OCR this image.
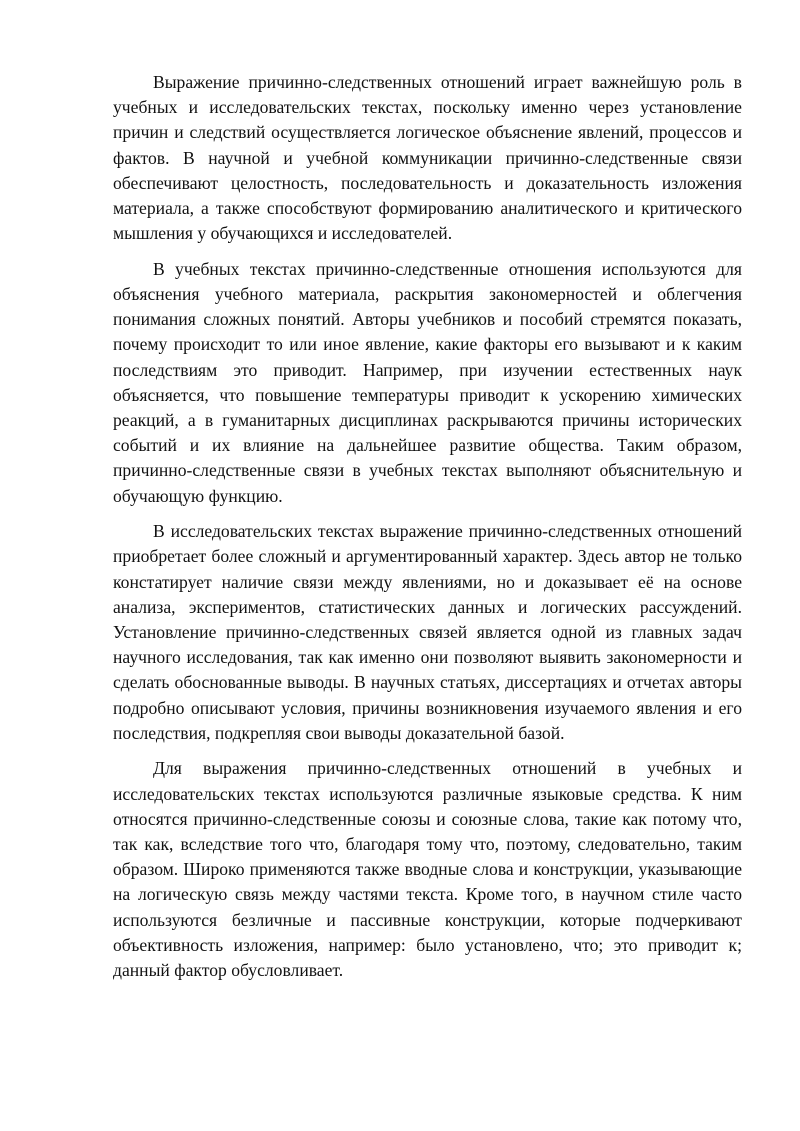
Выражение причинно-следственных отношений играет важнейшую роль в учебных и исследовательских текстах, поскольку именно через установление причин и следствий осуществляется логическое объяснение явлений, процессов и фактов. В научной и учебной коммуникации причинно-следственные связи обеспечивают целостность, последовательность и доказательность изложения материала, а также способствуют формированию аналитического и критического мышления у обучающихся и исследователей.

В учебных текстах причинно-следственные отношения используются для объяснения учебного материала, раскрытия закономерностей и облегчения понимания сложных понятий. Авторы учебников и пособий стремятся показать, почему происходит то или иное явление, какие факторы его вызывают и к каким последствиям это приводит. Например, при изучении естественных наук объясняется, что повышение температуры приводит к ускорению химических реакций, а в гуманитарных дисциплинах раскрываются причины исторических событий и их влияние на дальнейшее развитие общества. Таким образом, причинно-следственные связи в учебных текстах выполняют объяснительную и обучающую функцию.

В исследовательских текстах выражение причинно-следственных отношений приобретает более сложный и аргументированный характер. Здесь автор не только констатирует наличие связи между явлениями, но и доказывает её на основе анализа, экспериментов, статистических данных и логических рассуждений. Установление причинно-следственных связей является одной из главных задач научного исследования, так как именно они позволяют выявить закономерности и сделать обоснованные выводы. В научных статьях, диссертациях и отчетах авторы подробно описывают условия, причины возникновения изучаемого явления и его последствия, подкрепляя свои выводы доказательной базой.

Для выражения причинно-следственных отношений в учебных и исследовательских текстах используются различные языковые средства. К ним относятся причинно-следственные союзы и союзные слова, такие как потому что, так как, вследствие того что, благодаря тому что, поэтому, следовательно, таким образом. Широко применяются также вводные слова и конструкции, указывающие на логическую связь между частями текста. Кроме того, в научном стиле часто используются безличные и пассивные конструкции, которые подчеркивают объективность изложения, например: было установлено, что; это приводит к; данный фактор обусловливает.
